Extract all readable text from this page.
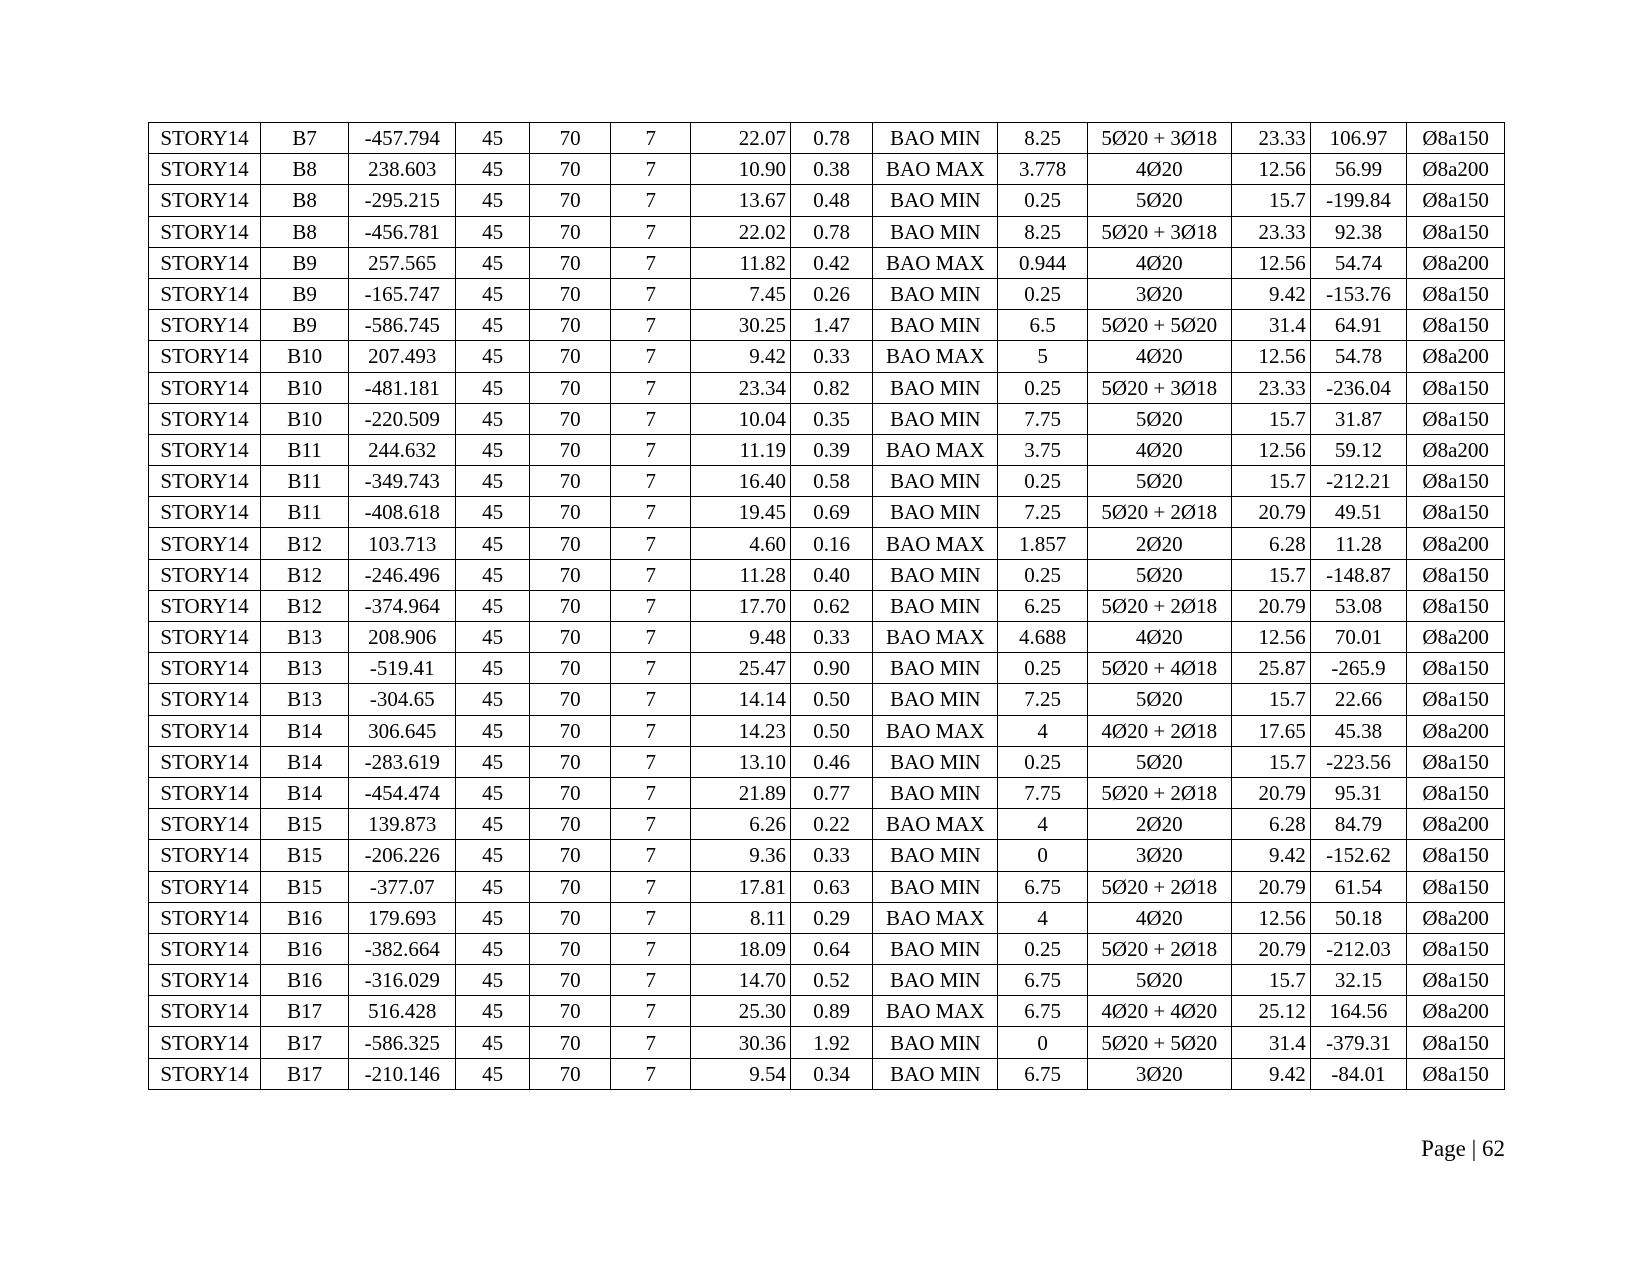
STORY14	B7	-457.794	45	70	7	22.07	0.78	BAO MIN	8.25	5Ø20 + 3Ø18	23.33	106.97	Ø8a150
STORY14	B8	238.603	45	70	7	10.90	0.38	BAO MAX	3.778	4Ø20	12.56	56.99	Ø8a200
STORY14	B8	-295.215	45	70	7	13.67	0.48	BAO MIN	0.25	5Ø20	15.7	-199.84	Ø8a150
STORY14	B8	-456.781	45	70	7	22.02	0.78	BAO MIN	8.25	5Ø20 + 3Ø18	23.33	92.38	Ø8a150
STORY14	B9	257.565	45	70	7	11.82	0.42	BAO MAX	0.944	4Ø20	12.56	54.74	Ø8a200
STORY14	B9	-165.747	45	70	7	7.45	0.26	BAO MIN	0.25	3Ø20	9.42	-153.76	Ø8a150
STORY14	B9	-586.745	45	70	7	30.25	1.47	BAO MIN	6.5	5Ø20 + 5Ø20	31.4	64.91	Ø8a150
STORY14	B10	207.493	45	70	7	9.42	0.33	BAO MAX	5	4Ø20	12.56	54.78	Ø8a200
STORY14	B10	-481.181	45	70	7	23.34	0.82	BAO MIN	0.25	5Ø20 + 3Ø18	23.33	-236.04	Ø8a150
STORY14	B10	-220.509	45	70	7	10.04	0.35	BAO MIN	7.75	5Ø20	15.7	31.87	Ø8a150
STORY14	B11	244.632	45	70	7	11.19	0.39	BAO MAX	3.75	4Ø20	12.56	59.12	Ø8a200
STORY14	B11	-349.743	45	70	7	16.40	0.58	BAO MIN	0.25	5Ø20	15.7	-212.21	Ø8a150
STORY14	B11	-408.618	45	70	7	19.45	0.69	BAO MIN	7.25	5Ø20 + 2Ø18	20.79	49.51	Ø8a150
STORY14	B12	103.713	45	70	7	4.60	0.16	BAO MAX	1.857	2Ø20	6.28	11.28	Ø8a200
STORY14	B12	-246.496	45	70	7	11.28	0.40	BAO MIN	0.25	5Ø20	15.7	-148.87	Ø8a150
STORY14	B12	-374.964	45	70	7	17.70	0.62	BAO MIN	6.25	5Ø20 + 2Ø18	20.79	53.08	Ø8a150
STORY14	B13	208.906	45	70	7	9.48	0.33	BAO MAX	4.688	4Ø20	12.56	70.01	Ø8a200
STORY14	B13	-519.41	45	70	7	25.47	0.90	BAO MIN	0.25	5Ø20 + 4Ø18	25.87	-265.9	Ø8a150
STORY14	B13	-304.65	45	70	7	14.14	0.50	BAO MIN	7.25	5Ø20	15.7	22.66	Ø8a150
STORY14	B14	306.645	45	70	7	14.23	0.50	BAO MAX	4	4Ø20 + 2Ø18	17.65	45.38	Ø8a200
STORY14	B14	-283.619	45	70	7	13.10	0.46	BAO MIN	0.25	5Ø20	15.7	-223.56	Ø8a150
STORY14	B14	-454.474	45	70	7	21.89	0.77	BAO MIN	7.75	5Ø20 + 2Ø18	20.79	95.31	Ø8a150
STORY14	B15	139.873	45	70	7	6.26	0.22	BAO MAX	4	2Ø20	6.28	84.79	Ø8a200
STORY14	B15	-206.226	45	70	7	9.36	0.33	BAO MIN	0	3Ø20	9.42	-152.62	Ø8a150
STORY14	B15	-377.07	45	70	7	17.81	0.63	BAO MIN	6.75	5Ø20 + 2Ø18	20.79	61.54	Ø8a150
STORY14	B16	179.693	45	70	7	8.11	0.29	BAO MAX	4	4Ø20	12.56	50.18	Ø8a200
STORY14	B16	-382.664	45	70	7	18.09	0.64	BAO MIN	0.25	5Ø20 + 2Ø18	20.79	-212.03	Ø8a150
STORY14	B16	-316.029	45	70	7	14.70	0.52	BAO MIN	6.75	5Ø20	15.7	32.15	Ø8a150
STORY14	B17	516.428	45	70	7	25.30	0.89	BAO MAX	6.75	4Ø20 + 4Ø20	25.12	164.56	Ø8a200
STORY14	B17	-586.325	45	70	7	30.36	1.92	BAO MIN	0	5Ø20 + 5Ø20	31.4	-379.31	Ø8a150
STORY14	B17	-210.146	45	70	7	9.54	0.34	BAO MIN	6.75	3Ø20	9.42	-84.01	Ø8a150
Page | 62
